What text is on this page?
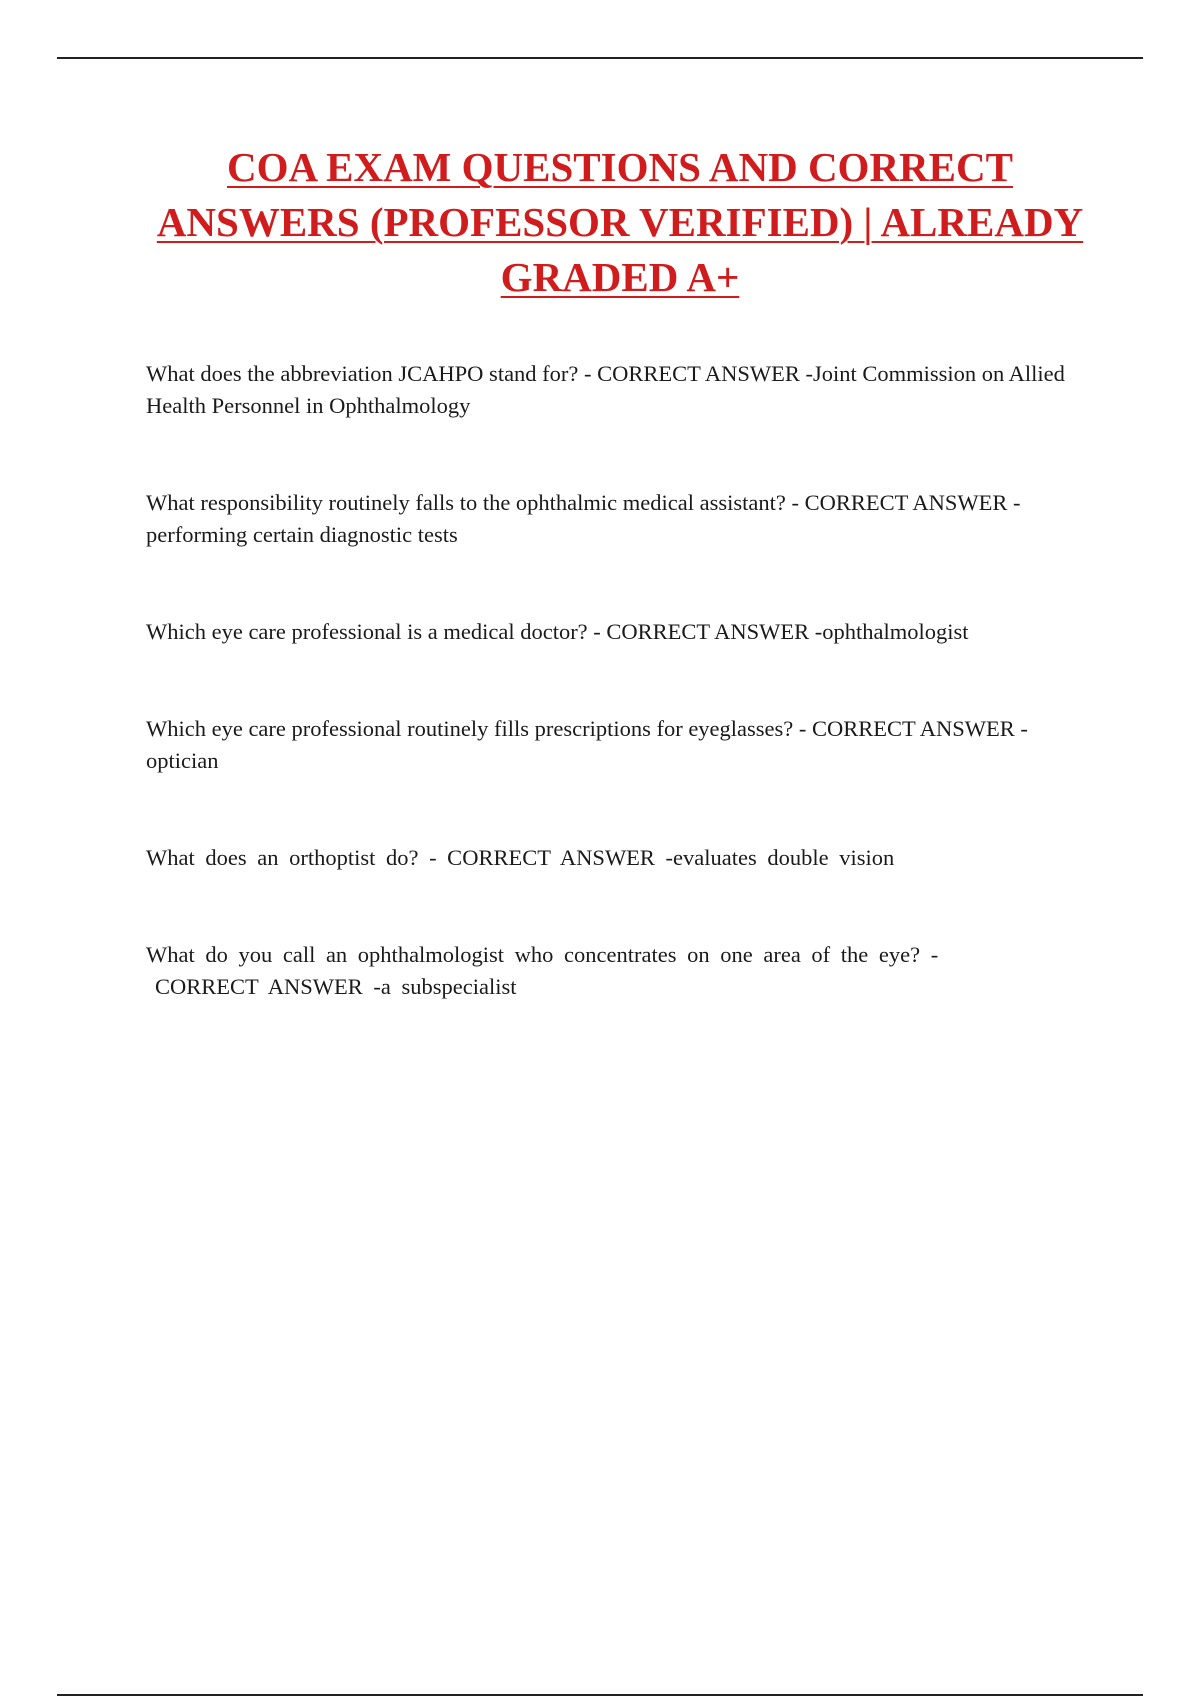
COA EXAM QUESTIONS AND CORRECT ANSWERS (PROFESSOR VERIFIED) | ALREADY GRADED A+
What does the abbreviation JCAHPO stand for? - CORRECT ANSWER -Joint Commission on Allied Health Personnel in Ophthalmology
What responsibility routinely falls to the ophthalmic medical assistant? - CORRECT ANSWER - performing certain diagnostic tests
Which eye care professional is a medical doctor? - CORRECT ANSWER -ophthalmologist
Which eye care professional routinely fills prescriptions for eyeglasses? - CORRECT ANSWER -optician
What does an orthoptist do? - CORRECT ANSWER -evaluates double vision
What do you call an ophthalmologist who concentrates on one area of the eye? -
CORRECT ANSWER -a subspecialist
